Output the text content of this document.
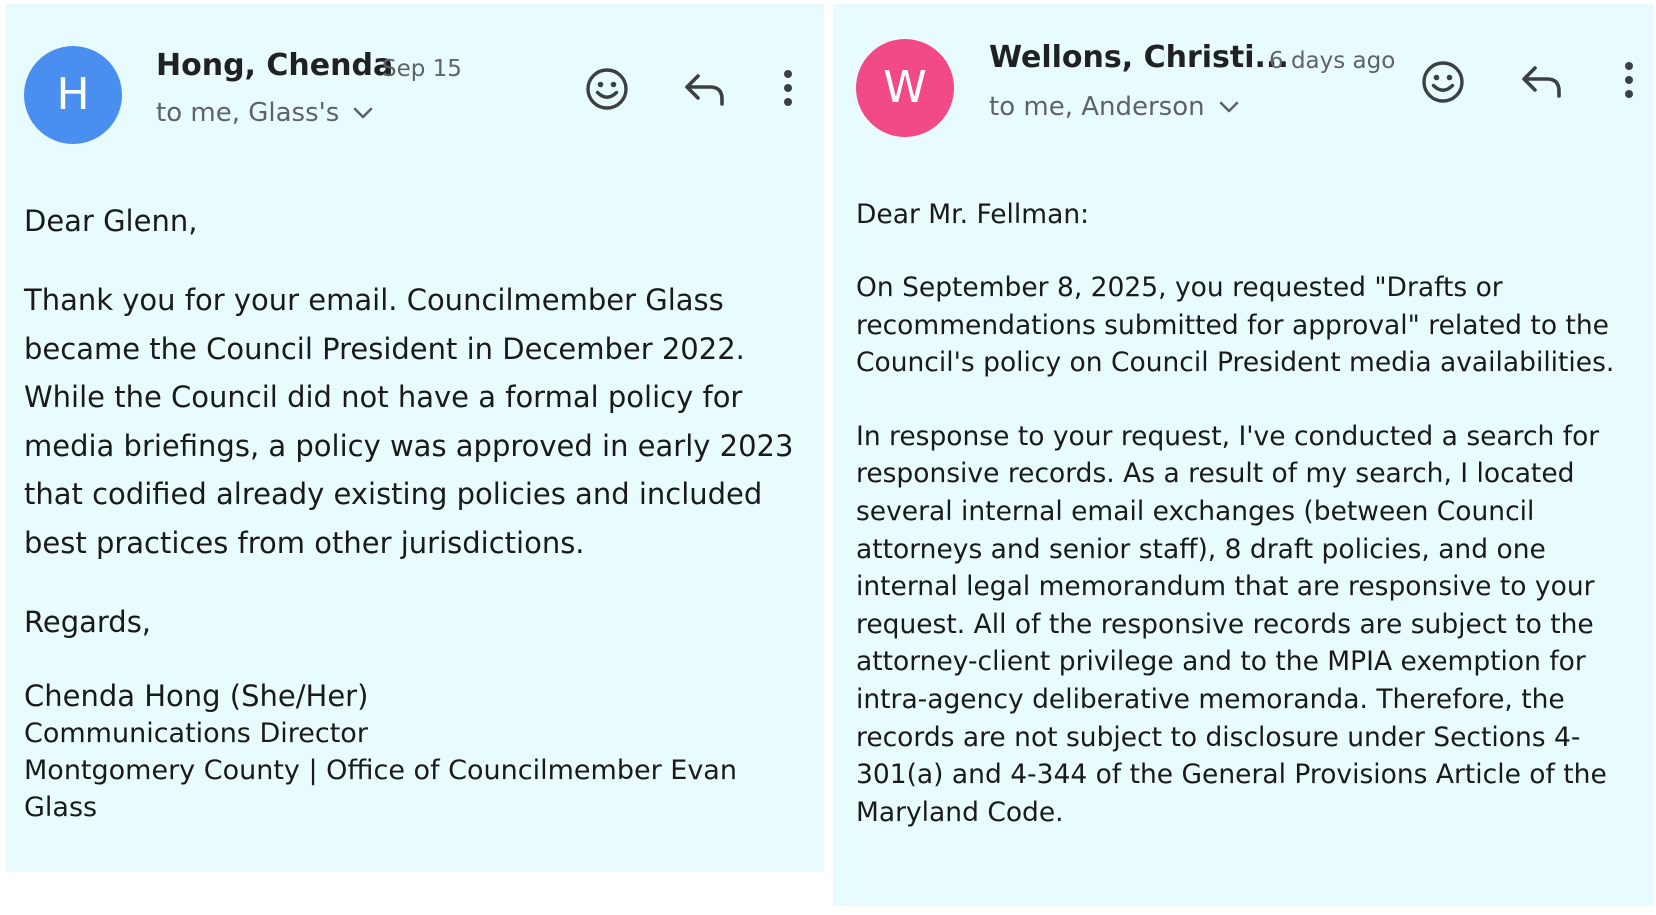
H
Hong, Chenda
Sep 15
to me, Glass's

Dear Glenn,

Thank you for your email. Councilmember Glass became the Council President in December 2022. While the Council did not have a formal policy for media briefings, a policy was approved in early 2023 that codified already existing policies and included best practices from other jurisdictions.

Regards,

Chenda Hong (She/Her)

Communications Director

Montgomery County | Office of Councilmember Evan Glass

W
Wellons, Christi...
6 days ago
to me, Anderson

Dear Mr. Fellman:

On September 8, 2025, you requested "Drafts or recommendations submitted for approval" related to the Council's policy on Council President media availabilities.

In response to your request, I've conducted a search for responsive records. As a result of my search, I located several internal email exchanges (between Council attorneys and senior staff), 8 draft policies, and one internal legal memorandum that are responsive to your request. All of the responsive records are subject to the attorney-client privilege and to the MPIA exemption for intra-agency deliberative memoranda. Therefore, the records are not subject to disclosure under Sections 4-301(a) and 4-344 of the General Provisions Article of the Maryland Code.
